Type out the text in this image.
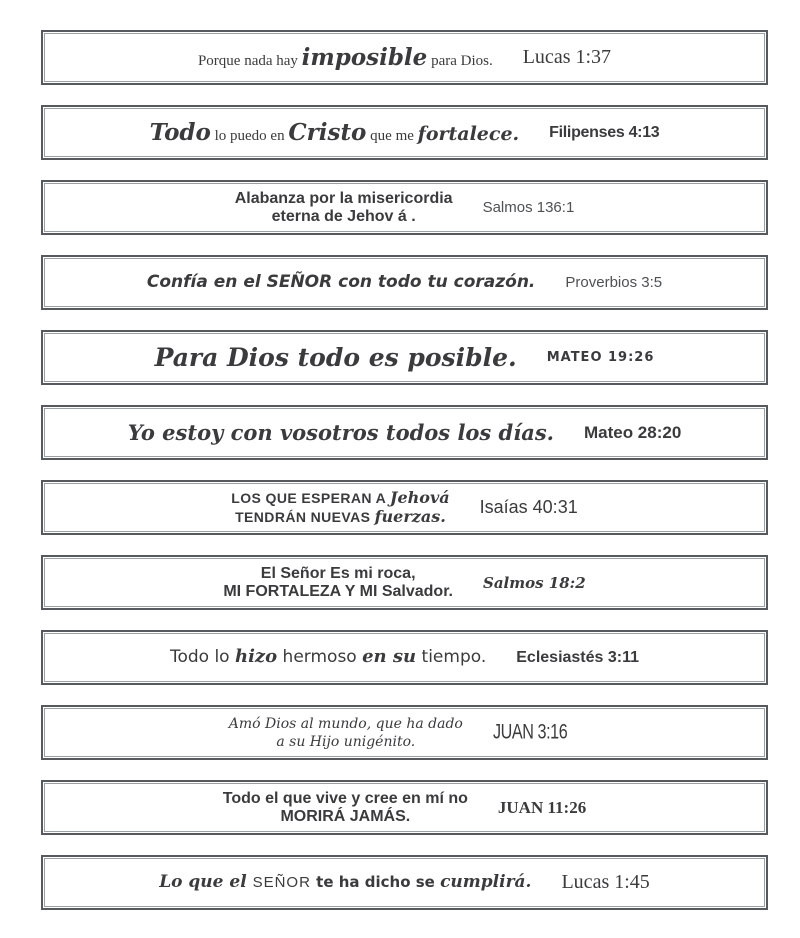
Porque nada hay imposible para Dios. Lucas 1:37
Todo lo puedo en Cristo que me fortalece. Filipenses 4:13
Alabanza por la misericordia
eterna de Jehov á .	Salmos 136:1
Confía en el SEÑOR con todo tu corazón. Proverbios 3:5
Para Dios todo es posible. MATEO 19:26
Yo estoy con vosotros todos los días. Mateo 28:20
LOS QUE ESPERAN A Jehová
TENDRÁN NUEVAS fuerzas. Isaías 40:31
El Señor Es mi roca,
MI FORTALEZA Y MI Salvador. Salmos 18:2
Todo lo hizo hermoso en su tiempo. Eclesiastés 3:11
Amó Dios al mundo, que ha dado
a su Hijo unigénito.	JUAN 3:16
Todo el que vive y cree en mí no
MORIRÁ JAMÁS.	JUAN 11:26
Lo que el SEÑOR te ha dicho se cumplirá. Lucas 1:45
